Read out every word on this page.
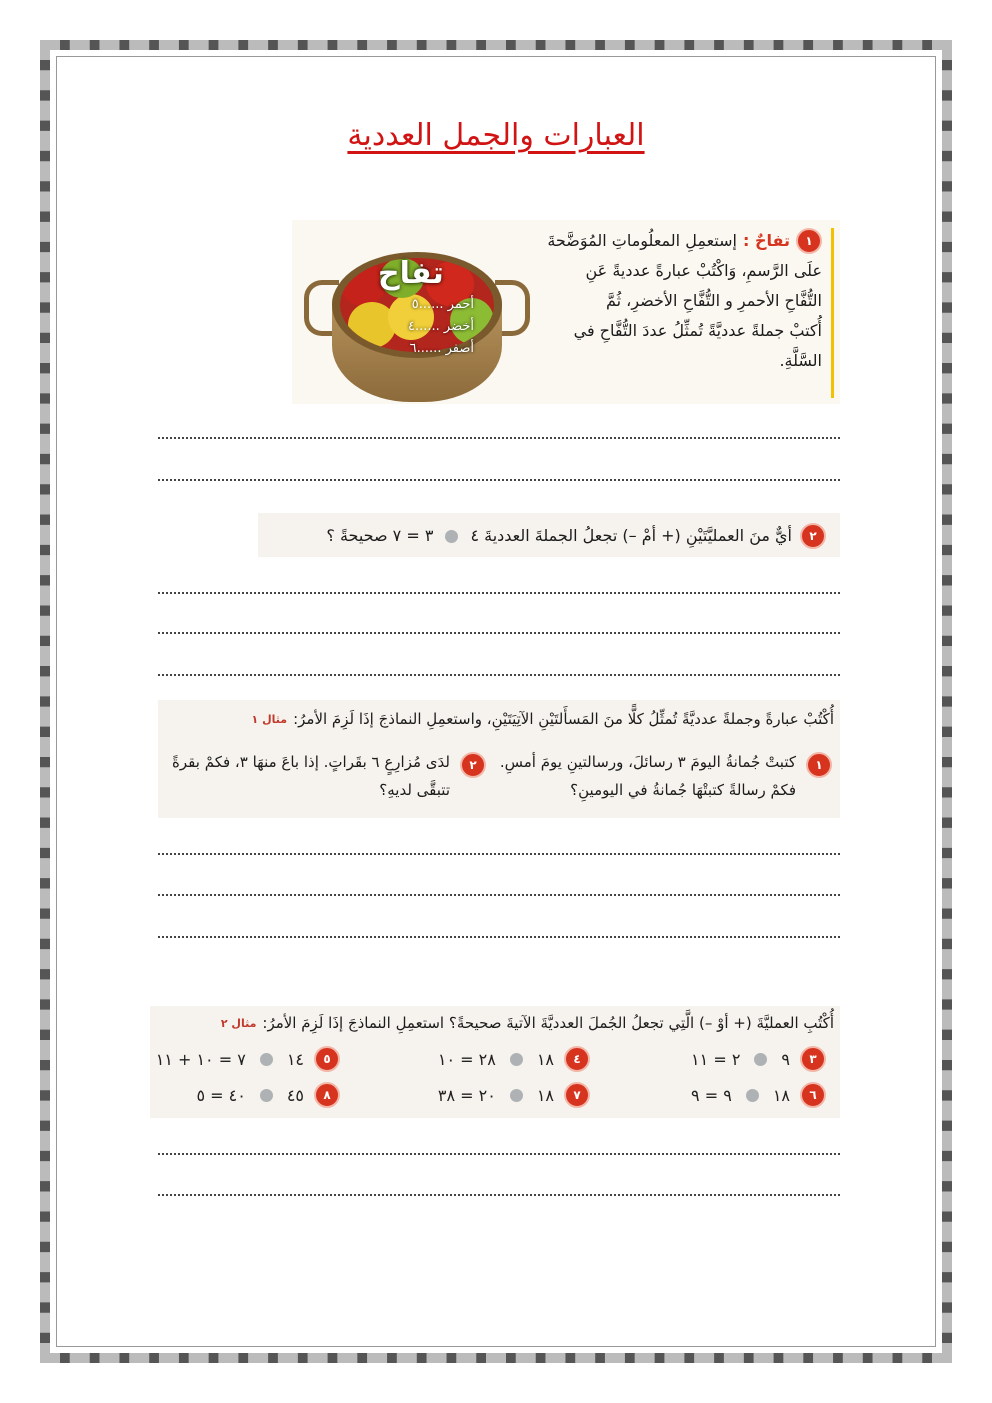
العبارات والجمل العددية
١
تفاحٌ :
إستعمِلِ المعلُوماتِ المُوَضَّحةَ
علَى الرَّسمِ، وَاكْتُبْ عبارةً عدديةً عَنِ
التُّفَّاحِ الأحمرِ و التُّفَّاحِ الأخضرِ، ثُمَّ
أُكتبْ جملةً عدديَّةً تُمثِّلُ عددَ التُّفَّاحِ في
السَّلَّةِ.
تفاح
أحمر ......٥
أخضر ......٤
أصفر ......٦
٢
أيٌّ منَ العمليَّتَيْنِ (+ أمْ –) تجعلُ الجملةَ العدديةَ ٤
٣ = ٧ صحيحةً ؟
أُكْتُبْ عبارةً وجملةً عدديَّةً تُمثِّلُ كلًّا منَ المَسأَلتَيْنِ الآتِيَتَيْنِ، واستعمِلِ النماذجَ إذَا لَزِمَ الأمرُ:
مثال ١
١
كتبتْ جُمانةُ اليومَ ٣ رسائلَ، ورسالتينِ يومَ أمسِ. فكمْ رسالةً كتبتْهَا جُمانةُ في اليومينِ؟
٢
لدَى مُزارِعٍ ٦ بقَراتٍ. إذا باعَ منهَا ٣، فكمْ بقرةً تتبقَّى لديهِ؟
أُكْتُبِ العمليَّةَ (+ أوْ –) الَّتِي تجعلُ الجُملَ العدديَّةَ الآتيةَ صحيحةً؟ استعمِلِ النماذجَ إذَا لَزِمَ الأمرُ:
مثال ٢
٣
٩
٢ = ١١
٤
١٨
٢٨ = ١٠
٥
١٤
٧ = ١٠ + ١١
٦
١٨
٩ = ٩
٧
١٨
٢٠ = ٣٨
٨
٤٥
٤٠ = ٥
